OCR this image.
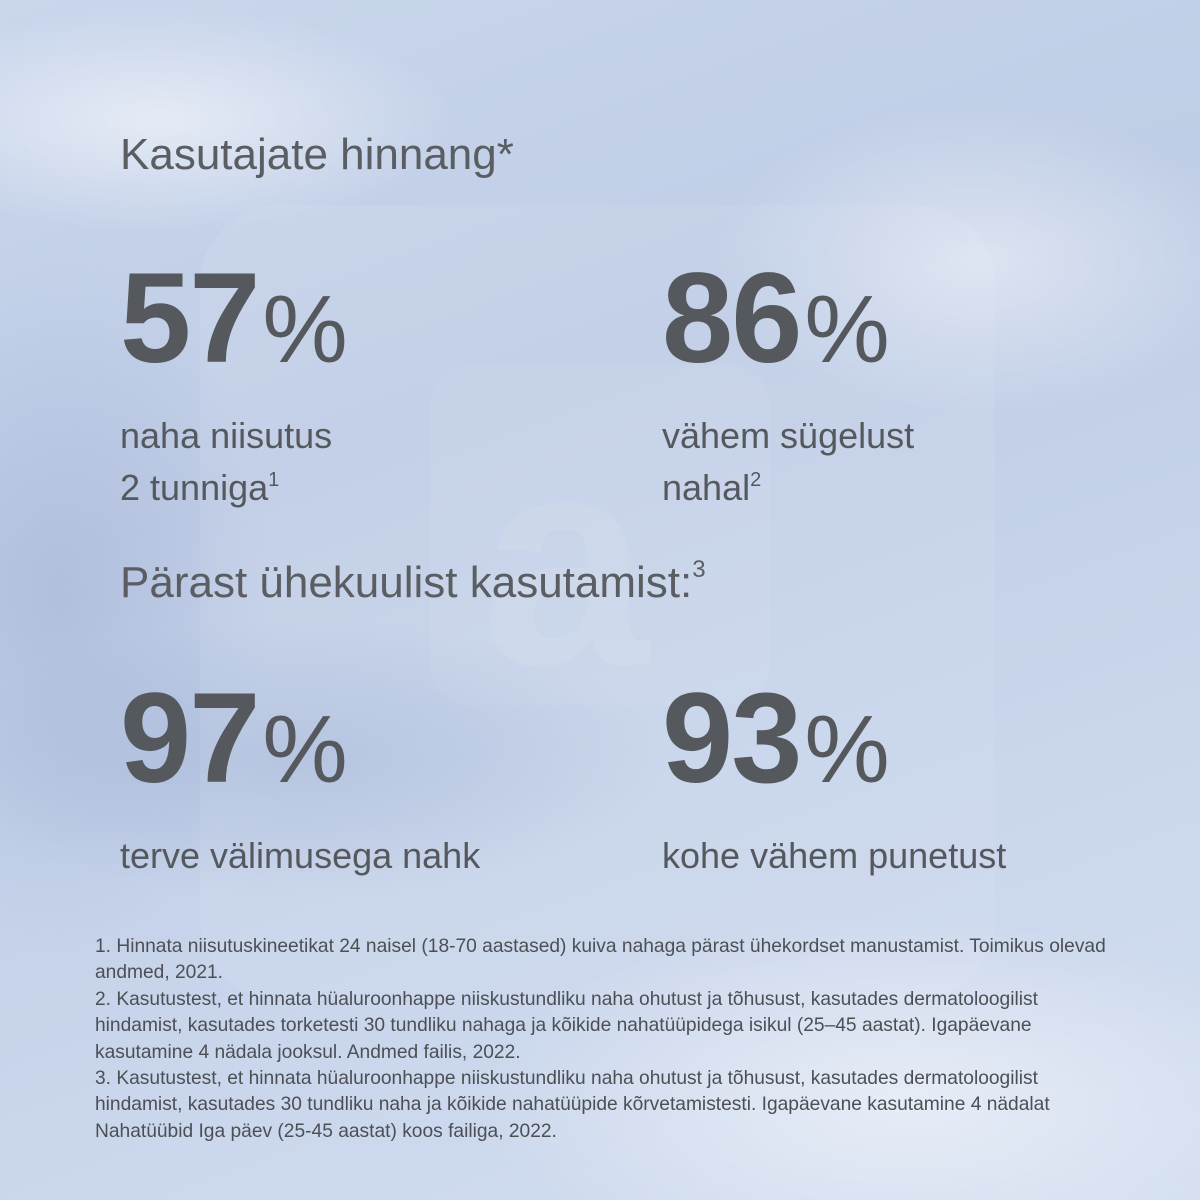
a
Kasutajate hinnang*
57%
naha niisutus
2 tunniga$^1$
86%
vähem sügelust
nahal$^2$
Pärast ühekuulist kasutamist:$^3$
97%
terve välimusega nahk
93%
kohe vähem punetust

1. Hinnata niisutuskineetikat 24 naisel (18-70 aastased) kuiva nahaga pärast ühekordset manustamist. Toimikus olevad andmed, 2021.

2. Kasutustest, et hinnata hüaluroonhappe niiskustundliku naha ohutust ja tõhusust, kasutades dermatoloogilist hindamist, kasutades torketesti 30 tundliku nahaga ja kõikide nahatüüpidega isikul (25–45 aastat). Igapäevane kasutamine 4 nädala jooksul. Andmed failis, 2022.

3. Kasutustest, et hinnata hüaluroonhappe niiskustundliku naha ohutust ja tõhusust, kasutades dermatoloogilist hindamist, kasutades 30 tundliku naha ja kõikide nahatüüpide kõrvetamistesti. Igapäevane kasutamine 4 nädalat Nahatüübid Iga päev (25-45 aastat) koos failiga, 2022.
